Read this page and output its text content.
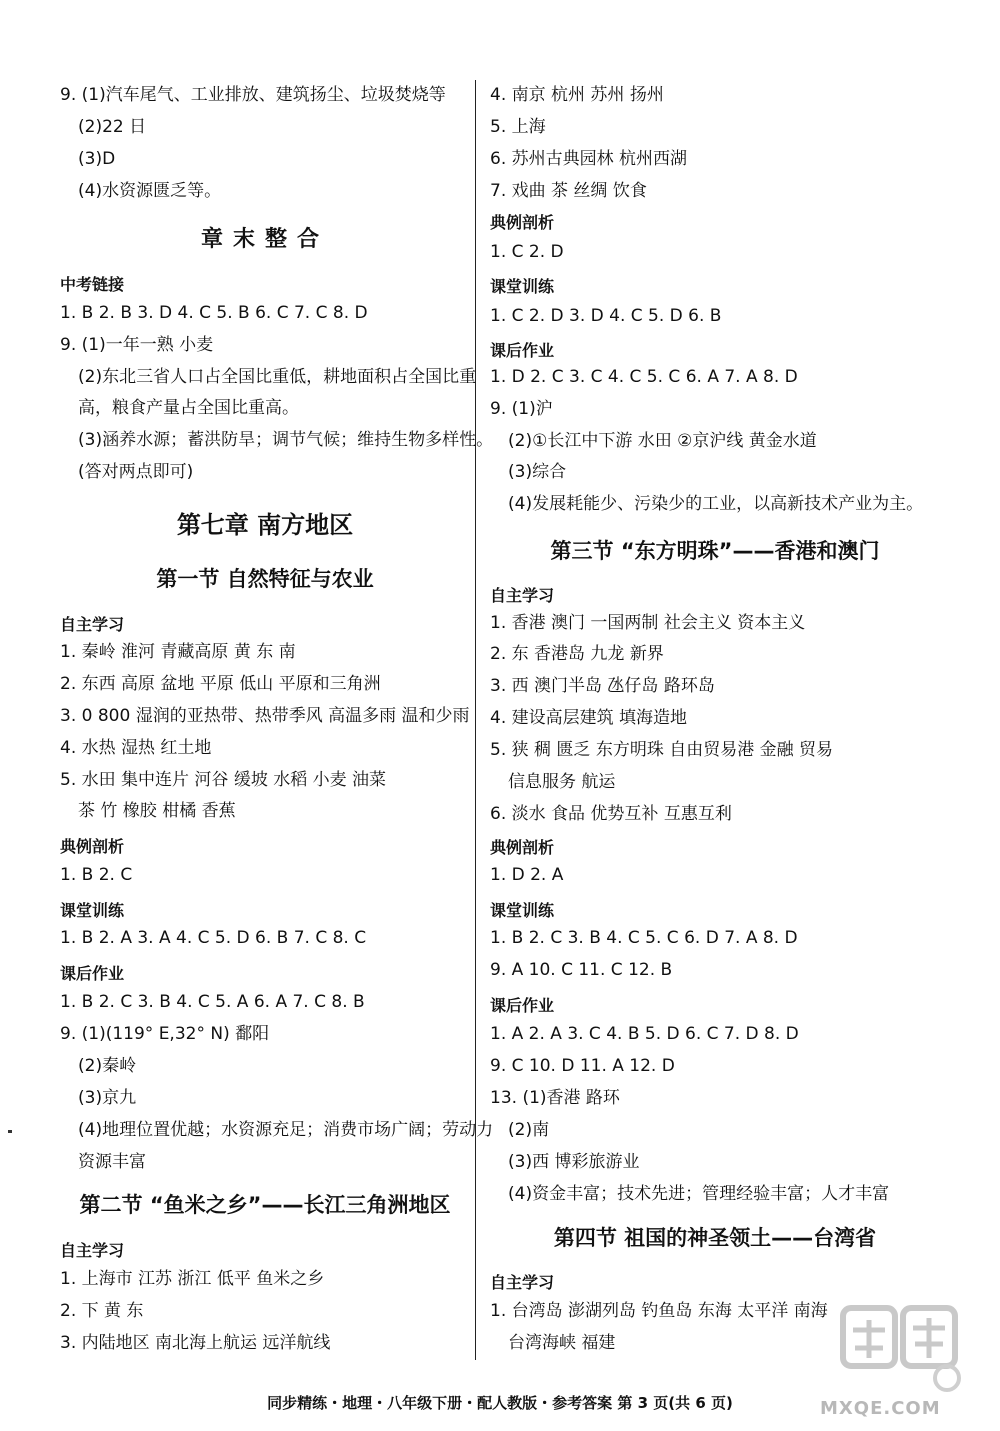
9. (1)汽车尾气、工业排放、建筑扬尘、垃圾焚烧等
(2)22 日
(3)D
(4)水资源匮乏等。
章末整合
中考链接
1. B 2. B 3. D 4. C 5. B 6. C 7. C 8. D
9. (1)一年一熟 小麦
(2)东北三省人口占全国比重低，耕地面积占全国比重
高，粮食产量占全国比重高。
(3)涵养水源；蓄洪防旱；调节气候；维持生物多样性。
(答对两点即可)
第七章 南方地区
第一节 自然特征与农业
自主学习
1. 秦岭 淮河 青藏高原 黄 东 南
2. 东西 高原 盆地 平原 低山 平原和三角洲
3. 0 800 湿润的亚热带、热带季风 高温多雨 温和少雨
4. 水热 湿热 红土地
5. 水田 集中连片 河谷 缓坡 水稻 小麦 油菜
茶 竹 橡胶 柑橘 香蕉
典例剖析
1. B 2. C
课堂训练
1. B 2. A 3. A 4. C 5. D 6. B 7. C 8. C
课后作业
1. B 2. C 3. B 4. C 5. A 6. A 7. C 8. B
9. (1)(119° E,32° N) 鄱阳
(2)秦岭
(3)京九
(4)地理位置优越；水资源充足；消费市场广阔；劳动力
资源丰富
第二节 “鱼米之乡”——长江三角洲地区
自主学习
1. 上海市 江苏 浙江 低平 鱼米之乡
2. 下 黄 东
3. 内陆地区 南北海上航运 远洋航线
4. 南京 杭州 苏州 扬州
5. 上海
6. 苏州古典园林 杭州西湖
7. 戏曲 茶 丝绸 饮食
典例剖析
1. C 2. D
课堂训练
1. C 2. D 3. D 4. C 5. D 6. B
课后作业
1. D 2. C 3. C 4. C 5. C 6. A 7. A 8. D
9. (1)沪
(2)①长江中下游 水田 ②京沪线 黄金水道
(3)综合
(4)发展耗能少、污染少的工业，以高新技术产业为主。
第三节 “东方明珠”——香港和澳门
自主学习
1. 香港 澳门 一国两制 社会主义 资本主义
2. 东 香港岛 九龙 新界
3. 西 澳门半岛 氹仔岛 路环岛
4. 建设高层建筑 填海造地
5. 狭 稠 匮乏 东方明珠 自由贸易港 金融 贸易
信息服务 航运
6. 淡水 食品 优势互补 互惠互利
典例剖析
1. D 2. A
课堂训练
1. B 2. C 3. B 4. C 5. C 6. D 7. A 8. D
9. A 10. C 11. C 12. B
课后作业
1. A 2. A 3. C 4. B 5. D 6. C 7. D 8. D
9. C 10. D 11. A 12. D
13. (1)香港 路环
(2)南
(3)西 博彩旅游业
(4)资金丰富；技术先进；管理经验丰富；人才丰富
第四节 祖国的神圣领土——台湾省
自主学习
1. 台湾岛 澎湖列岛 钓鱼岛 东海 太平洋 南海
台湾海峡 福建
MXQE.COM
同步精练・地理・八年级下册・配人教版・参考答案 第 3 页(共 6 页)
